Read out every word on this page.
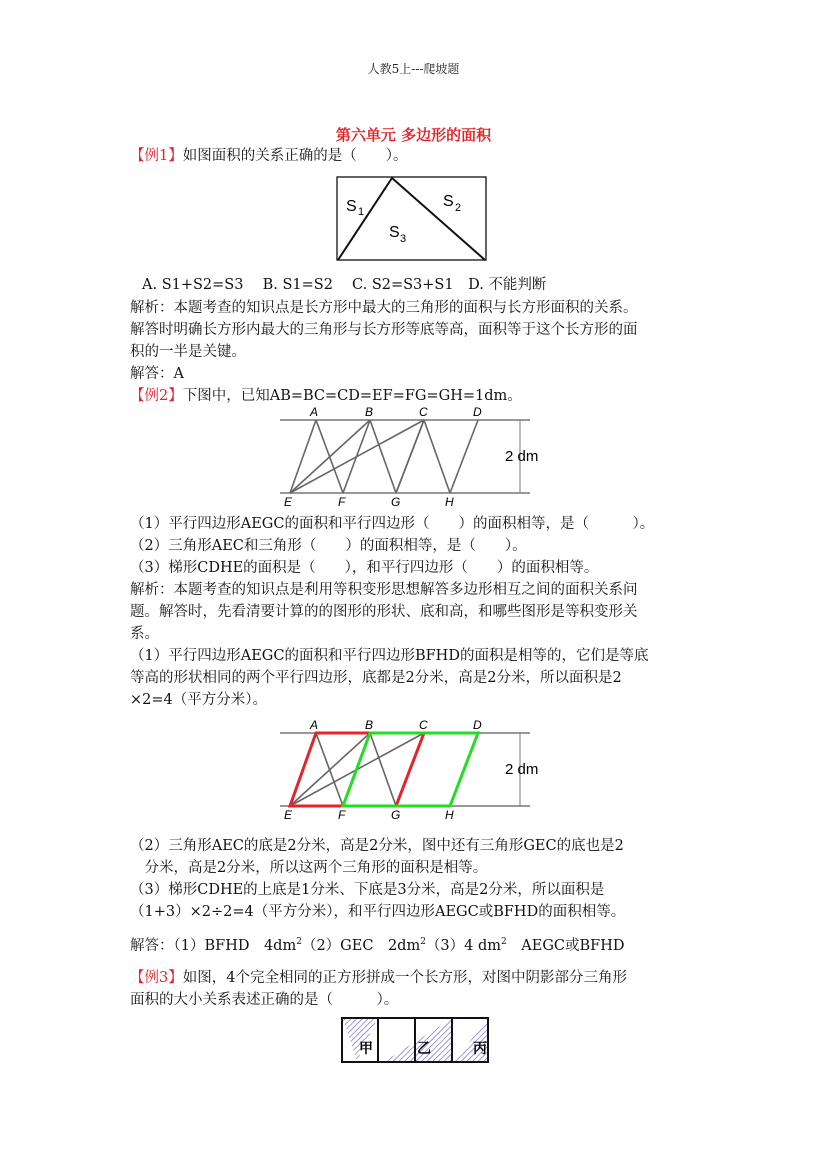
人教5上---爬坡题
第六单元 多边形的面积
【例1】如图面积的关系正确的是（　　）。
S 1
S 2
S 3
A. S1+S2=S3　 B. S1=S2　 C. S2=S3+S1　D. 不能判断
解析：本题考查的知识点是长方形中最大的三角形的面积与长方形面积的关系。
解答时明确长方形内最大的三角形与长方形等底等高，面积等于这个长方形的面
积的一半是关键。
解答：A
【例2】下图中，已知AB=BC=CD=EF=FG=GH=1dm。
A	B	C	D
E	F	G	H
2 dm
（1）平行四边形AEGC的面积和平行四边形（　　）的面积相等，是（　　　）。
（2）三角形AEC和三角形（　　）的面积相等，是（　　）。
（3）梯形CDHE的面积是（　　），和平行四边形（　　）的面积相等。
解析：本题考查的知识点是利用等积变形思想解答多边形相互之间的面积关系问
题。解答时，先看清要计算的的图形的形状、底和高，和哪些图形是等积变形关
系。
（1）平行四边形AEGC的面积和平行四边形BFHD的面积是相等的，它们是等底
等高的形状相同的两个平行四边形，底都是2分米，高是2分米，所以面积是2
×2=4（平方分米）。
A	B	C	D
E	F	G	H
2 dm
（2）三角形AEC的底是2分米，高是2分米，图中还有三角形GEC的底也是2
　分米，高是2分米，所以这两个三角形的面积是相等。
（3）梯形CDHE的上底是1分米、下底是3分米，高是2分米，所以面积是
（1+3）×2÷2=4（平方分米），和平行四边形AEGC或BFHD的面积相等。
解答：（1）BFHD　$4dm^2(2)GEC$　$2dm^2(3)4$ $dm^2$　AEGC或BFHD
【例3】如图，4个完全相同的正方形拼成一个长方形，对图中阴影部分三角形
面积的大小关系表述正确的是（　　　）。
甲	乙	丙
